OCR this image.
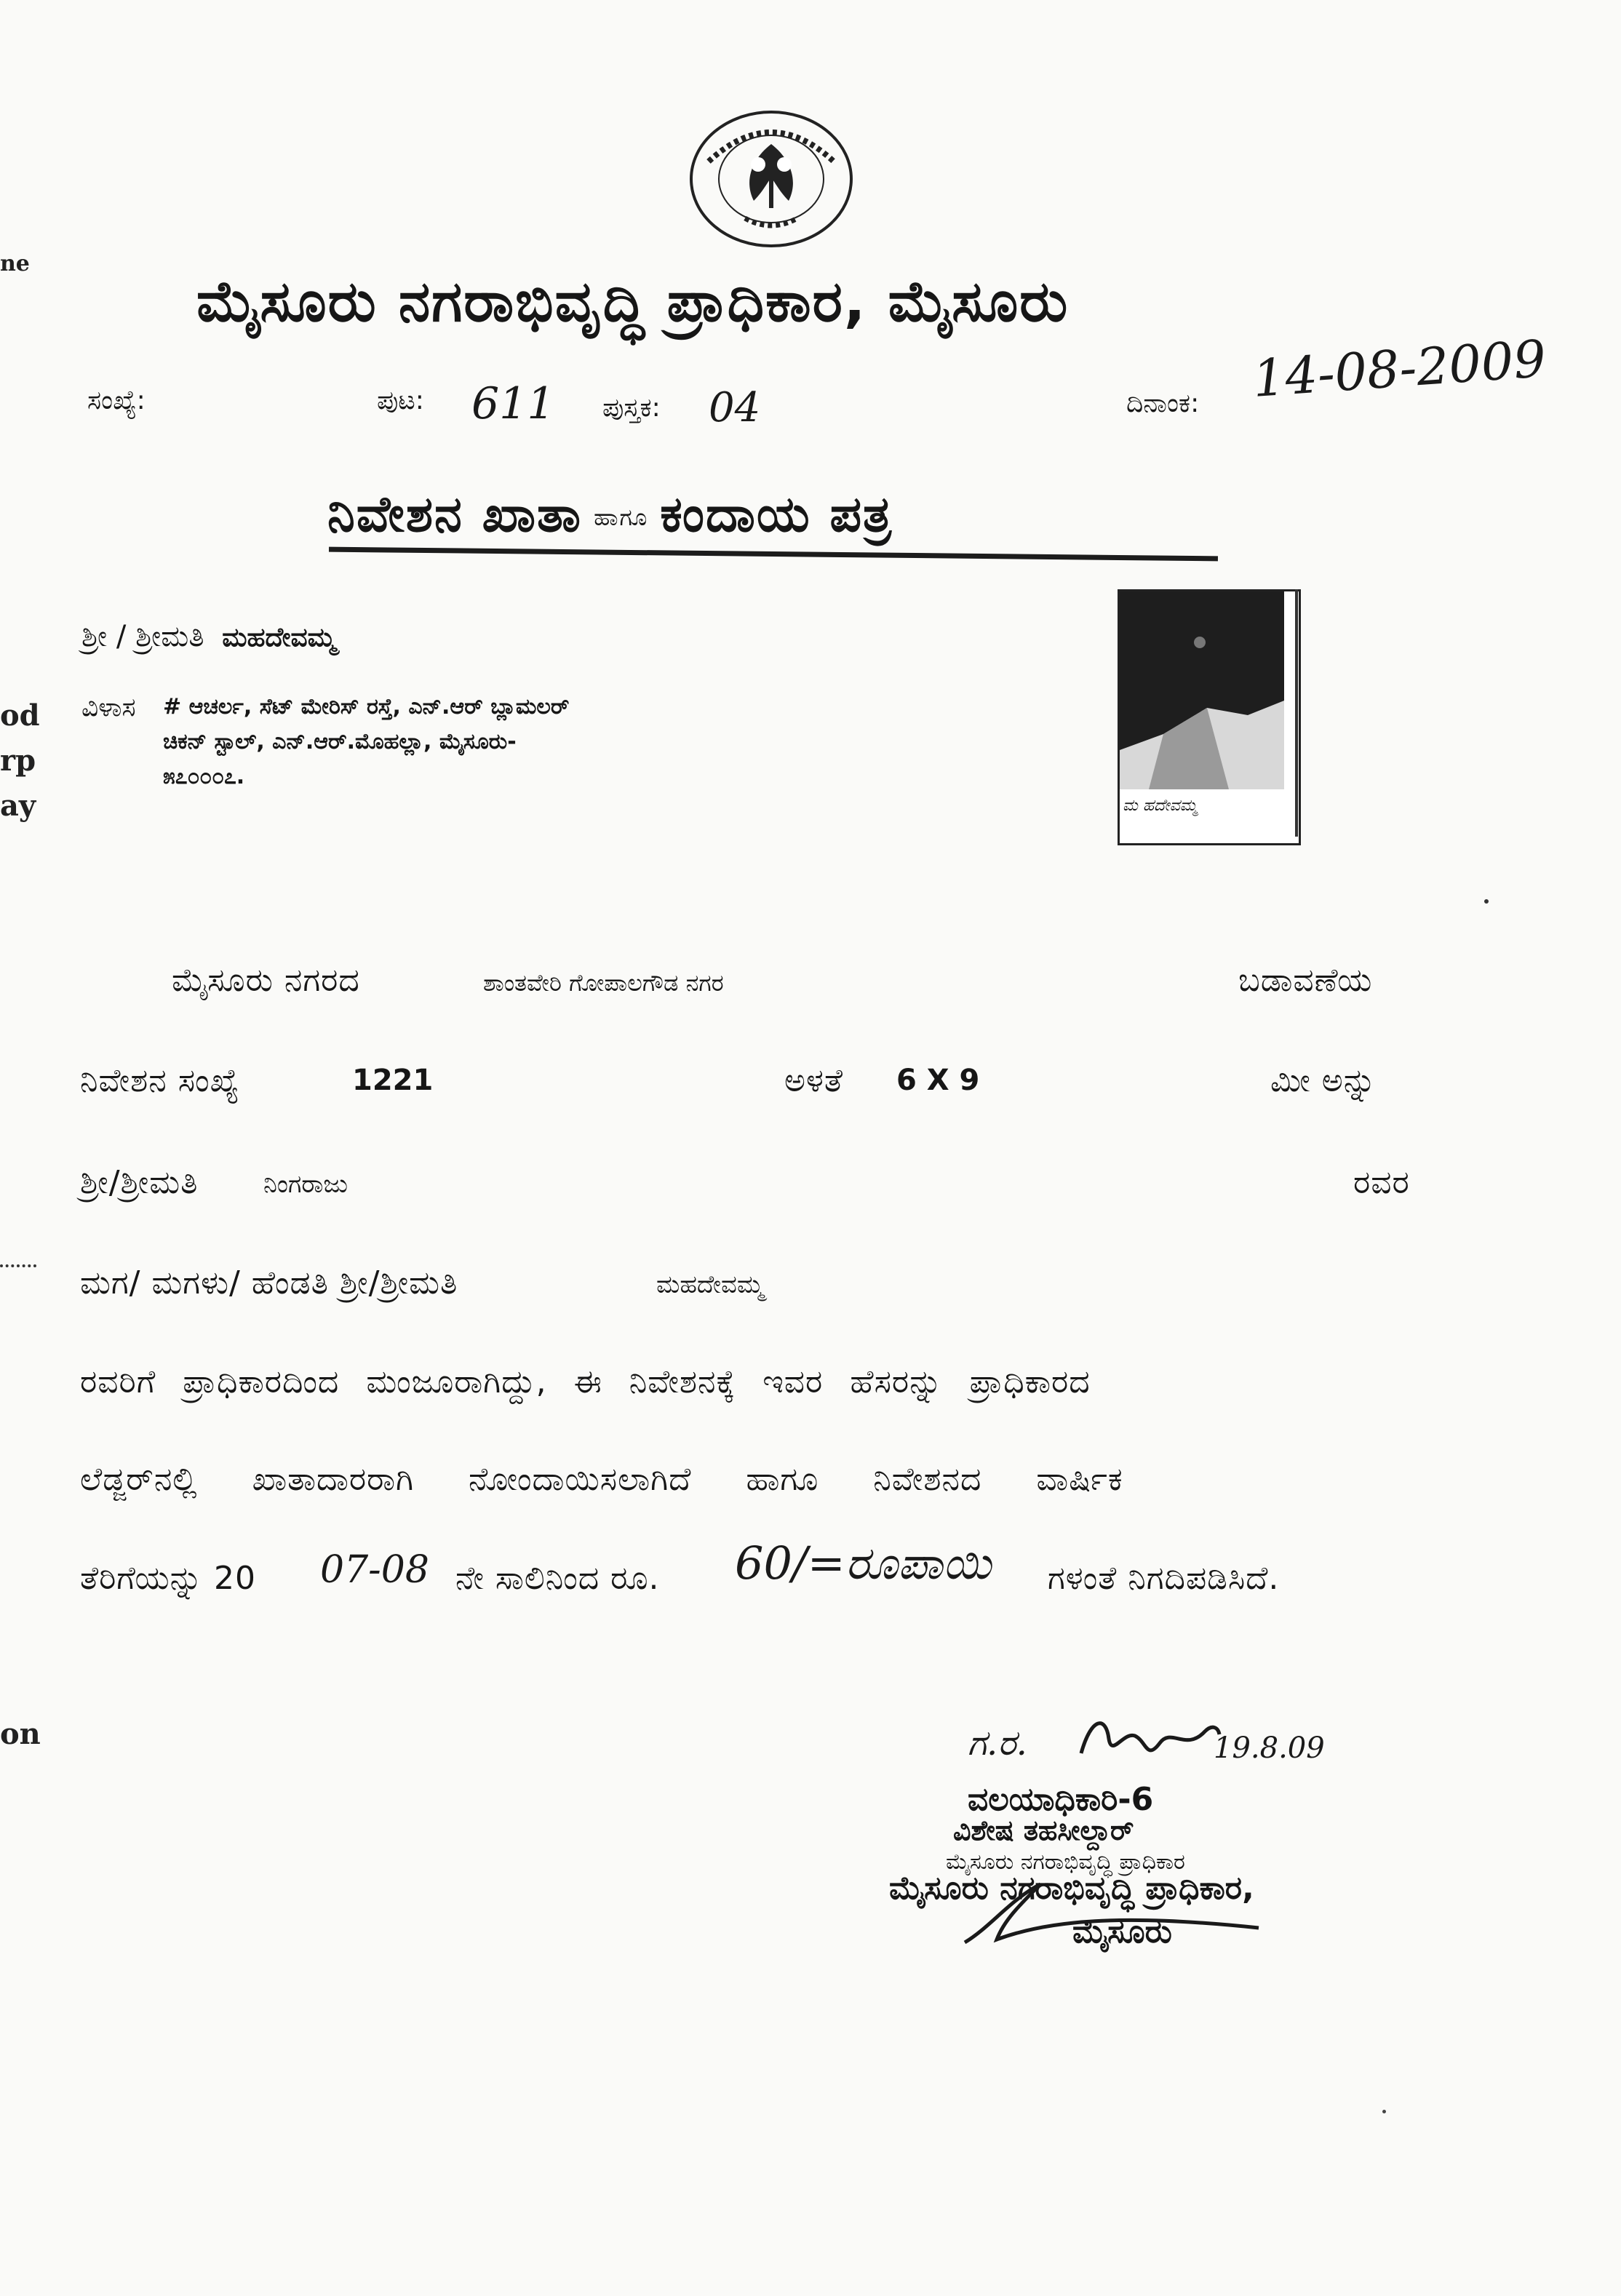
ne
od
rp
ay
on
ಮೈಸೂರು ನಗರಾಭಿವೃದ್ಧಿ ಪ್ರಾಧಿಕಾರ, ಮೈಸೂರು
ಸಂಖ್ಯೆ:	ಪುಟ: 611 ಪುಸ್ತಕ: 04	ದಿನಾಂಕ: 14-08-2009
ನಿವೇಶನ ಖಾತಾ ಹಾಗೂ ಕಂದಾಯ ಪತ್ರ
ಶ್ರೀ / ಶ್ರೀಮತಿ ಮಹದೇವಮ್ಮ
ವಿಳಾಸ # ಆಚರ್ಲ, ಸೆಟ್ ಮೇರಿಸ್ ರಸ್ತೆ, ಎನ್.ಆರ್ ಬ್ಲಾಮಲರ್
ಚಿಕನ್ ಸ್ಟಾಲ್, ಎನ್.ಆರ್.ಮೊಹಲ್ಲಾ, ಮೈಸೂರು-
೫೭೦೦೦೭.
ಮ ಹದೇವಮ್ಮ
ಮೈಸೂರು ನಗರದ	ಶಾಂತವೇರಿ ಗೋಪಾಲಗೌಡ ನಗರ	ಬಡಾವಣೆಯ
ನಿವೇಶನ ಸಂಖ್ಯೆ	1221	ಅಳತೆ 6 X 9	ಮೀ ಅನ್ನು
ಶ್ರೀ/ಶ್ರೀಮತಿ	ನಿಂಗರಾಜು	ರವರ
ಮಗ/ ಮಗಳು/ ಹೆಂಡತಿ ಶ್ರೀ/ಶ್ರೀಮತಿ	ಮಹದೇವಮ್ಮ
ರವರಿಗೆ ಪ್ರಾಧಿಕಾರದಿಂದ ಮಂಜೂರಾಗಿದ್ದು, ಈ ನಿವೇಶನಕ್ಕೆ ಇವರ ಹೆಸರನ್ನು ಪ್ರಾಧಿಕಾರದ
ಲೆಡ್ಜರ್‌ನಲ್ಲಿ ಖಾತಾದಾರರಾಗಿ ನೋಂದಾಯಿಸಲಾಗಿದೆ ಹಾಗೂ ನಿವೇಶನದ ವಾರ್ಷಿಕ
ತೆರಿಗೆಯನ್ನು 20 07-08 ನೇ ಸಾಲಿನಿಂದ ರೂ. 60/=ರೂಪಾಯಿ ಗಳಂತೆ ನಿಗದಿಪಡಿಸಿದೆ.
ಗ.ರ.	19.8.09
ವಲಯಾಧಿಕಾರಿ-6
ವಿಶೇಷ ತಹಸೀಲ್ದಾರ್
ಮೈಸೂರು ನಗರಾಭಿವೃದ್ಧಿ ಪ್ರಾಧಿಕಾರ
ಮೈಸೂರು ನಗರಾಭಿವೃದ್ಧಿ ಪ್ರಾಧಿಕಾರ,
ಮೈಸೂರು
